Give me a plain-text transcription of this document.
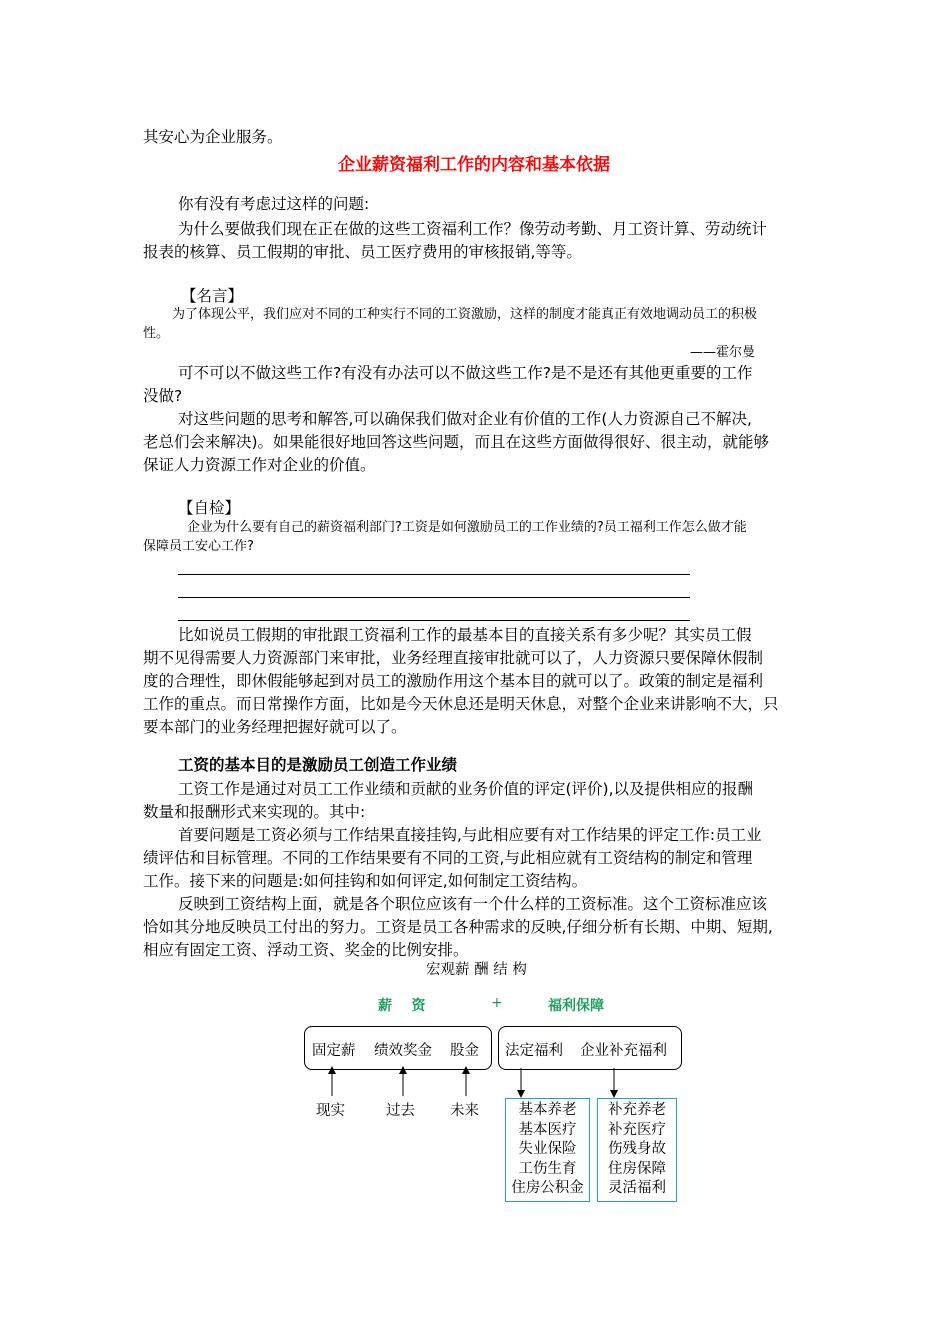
其安心为企业服务。
企业薪资福利工作的内容和基本依据
你有没有考虑过这样的问题:
为什么要做我们现在正在做的这些工资福利工作？像劳动考勤、月工资计算、劳动统计
报表的核算、员工假期的审批、员工医疗费用的审核报销,等等。
【名言】
为了体现公平，我们应对不同的工种实行不同的工资激励，这样的制度才能真正有效地调动员工的积极
性。
——霍尔曼
可不可以不做这些工作?有没有办法可以不做这些工作?是不是还有其他更重要的工作
没做?
对这些问题的思考和解答,可以确保我们做对企业有价值的工作(人力资源自己不解决,
老总们会来解决)。如果能很好地回答这些问题，而且在这些方面做得很好、很主动，就能够
保证人力资源工作对企业的价值。
【自检】
企业为什么要有自己的薪资福利部门?工资是如何激励员工的工作业绩的?员工福利工作怎么做才能
保障员工安心工作?
比如说员工假期的审批跟工资福利工作的最基本目的直接关系有多少呢？其实员工假
期不见得需要人力资源部门来审批，业务经理直接审批就可以了，人力资源只要保障休假制
度的合理性，即休假能够起到对员工的激励作用这个基本目的就可以了。政策的制定是福利
工作的重点。而日常操作方面，比如是今天休息还是明天休息，对整个企业来讲影响不大，只
要本部门的业务经理把握好就可以了。
工资的基本目的是激励员工创造工作业绩
工资工作是通过对员工工作业绩和贡献的业务价值的评定(评价),以及提供相应的报酬
数量和报酬形式来实现的。其中:
首要问题是工资必须与工作结果直接挂钩,与此相应要有对工作结果的评定工作:员工业
绩评估和目标管理。不同的工作结果要有不同的工资,与此相应就有工资结构的制定和管理
工作。接下来的问题是:如何挂钩和如何评定,如何制定工资结构。
反映到工资结构上面，就是各个职位应该有一个什么样的工资标准。这个工资标准应该
恰如其分地反映员工付出的努力。工资是员工各种需求的反映,仔细分析有长期、中期、短期,
相应有固定工资、浮动工资、奖金的比例安排。
宏观薪 酬 结 构
薪    资	+	福利保障
固定薪 绩效奖金 股金 法定福利 企业补充福利
现实	过去 未来	基本养老
基本医疗
失业保险
工伤生育
住房公积金
补充养老
补充医疗
伤残身故
住房保障
灵活福利
